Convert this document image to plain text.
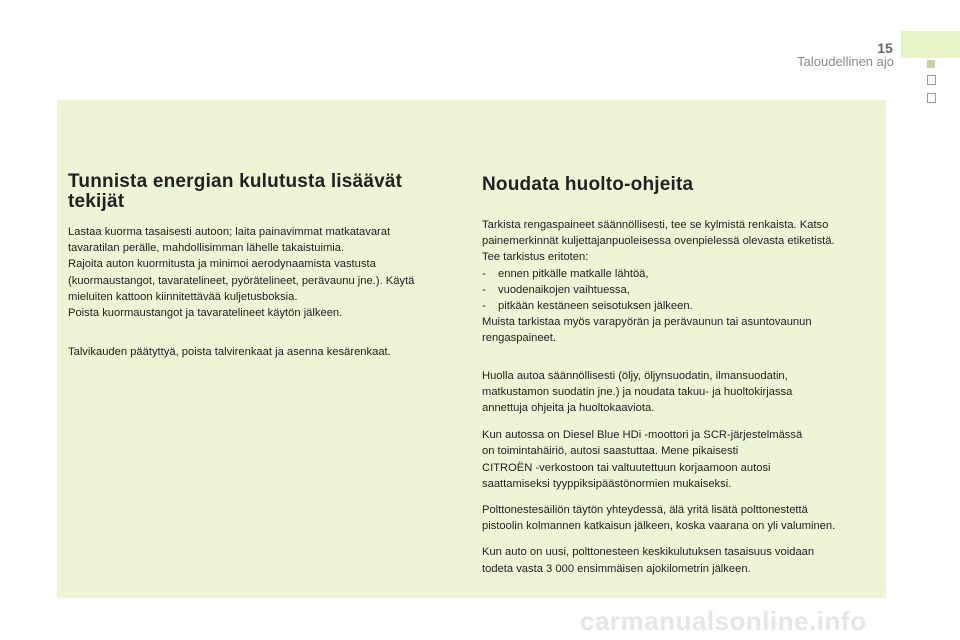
15
Taloudellinen ajo
Tunnista energian kulutusta lisäävät
tekijät
Lastaa kuorma tasaisesti autoon; laita painavimmat matkatavarat
tavaratilan perälle, mahdollisimman lähelle takaistuimia.
Rajoita auton kuormitusta ja minimoi aerodynaamista vastusta
(kuormaustangot, tavaratelineet, pyörätelineet, perävaunu jne.). Käytä
mieluiten kattoon kiinnitettävää kuljetusboksia.
Poista kuormaustangot ja tavaratelineet käytön jälkeen.
Talvikauden päätyttyä, poista talvirenkaat ja asenna kesärenkaat.
Noudata huolto-ohjeita
Tarkista rengaspaineet säännöllisesti, tee se kylmistä renkaista. Katso
painemerkinnät kuljettajanpuoleisessa ovenpielessä olevasta etiketistä.
Tee tarkistus eritoten:
- ennen pitkälle matkalle lähtöä,
- vuodenaikojen vaihtuessa,
- pitkään kestäneen seisotuksen jälkeen.
Muista tarkistaa myös varapyörän ja perävaunun tai asuntovaunun
rengaspaineet.
Huolla autoa säännöllisesti (öljy, öljynsuodatin, ilmansuodatin,
matkustamon suodatin jne.) ja noudata takuu- ja huoltokirjassa
annettuja ohjeita ja huoltokaaviota.
Kun autossa on Diesel Blue HDi -moottori ja SCR-järjestelmässä
on toimintahäiriö, autosi saastuttaa. Mene pikaisesti
CITROËN -verkostoon tai valtuutettuun korjaamoon autosi
saattamiseksi tyyppiksipäästönormien mukaiseksi.
Polttonestesäiliön täytön yhteydessä, älä yritä lisätä polttonestettä
pistoolin kolmannen katkaisun jälkeen, koska vaarana on yli valuminen.
Kun auto on uusi, polttonesteen keskikulutuksen tasaisuus voidaan
todeta vasta 3 000 ensimmäisen ajokilometrin jälkeen.
carmanualsonline.info
